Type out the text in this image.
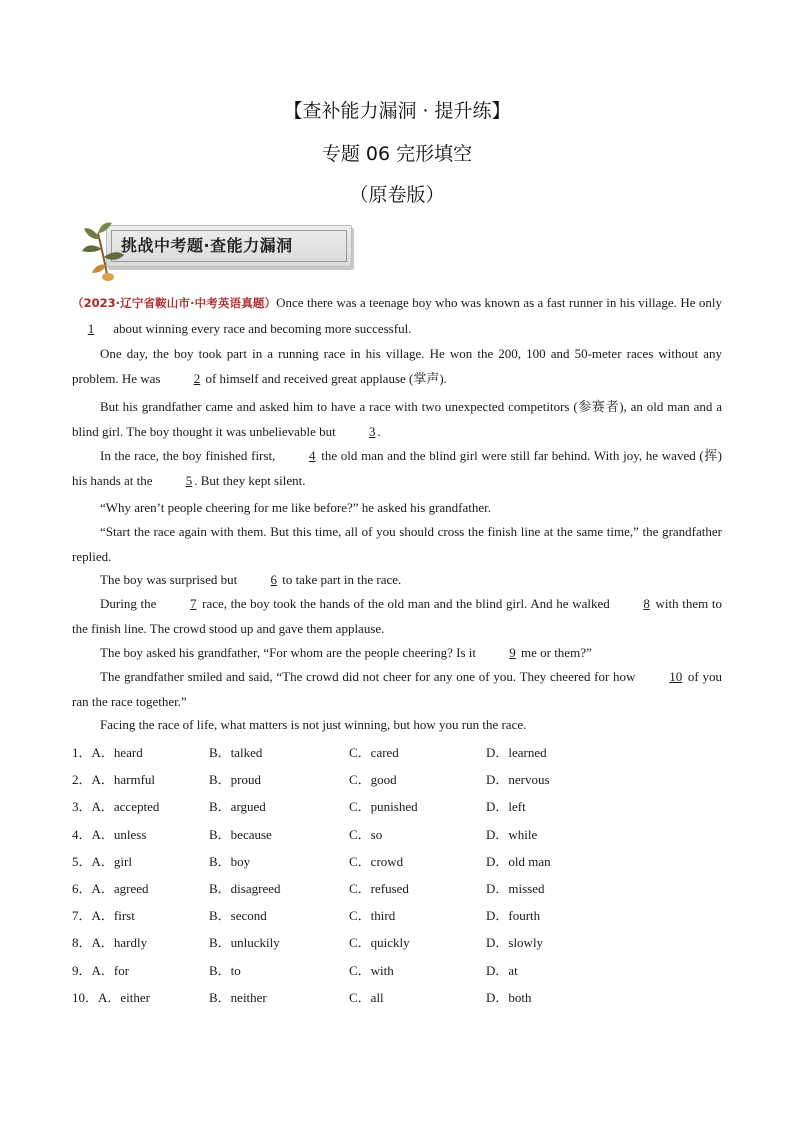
【查补能力漏洞 · 提升练】
专题 06 完形填空
（原卷版）
挑战中考题·查能力漏洞
（2023·辽宁省鞍山市·中考英语真题）Once there was a teenage boy who was known as a fast runner in his village. He only 1 about winning every race and becoming more successful.
One day, the boy took part in a running race in his village. He won the 200, 100 and 50-meter races without any problem. He was 2 of himself and received great applause (掌声).
But his grandfather came and asked him to have a race with two unexpected competitors (参赛者), an old man and a blind girl. The boy thought it was unbelievable but 3 .
In the race, the boy finished first, 4 the old man and the blind girl were still far behind. With joy, he waved (挥) his hands at the 5 . But they kept silent.
“Why aren’t people cheering for me like before?” he asked his grandfather.
“Start the race again with them. But this time, all of you should cross the finish line at the same time,” the grandfather replied.
The boy was surprised but 6 to take part in the race.
During the 7 race, the boy took the hands of the old man and the blind girl. And he walked 8 with them to the finish line. The crowd stood up and gave them applause.
The boy asked his grandfather, “For whom are the people cheering? Is it 9 me or them?”
The grandfather smiled and said, “The crowd did not cheer for any one of you. They cheered for how 10 of you ran the race together.”
Facing the race of life, what matters is not just winning, but how you run the race.
1．A．heard	B．talked	C．cared	D．learned
2．A．harmful	B．proud	C．good	D．nervous
3．A．accepted	B．argued	C．punished	D．left
4．A．unless	B．because	C．so	D．while
5．A．girl	B．boy	C．crowd	D．old man
6．A．agreed	B．disagreed	C．refused	D．missed
7．A．first	B．second	C．third	D．fourth
8．A．hardly	B．unluckily	C．quickly	D．slowly
9．A．for	B．to	C．with	D．at
10．A．either	B．neither	C．all	D．both
